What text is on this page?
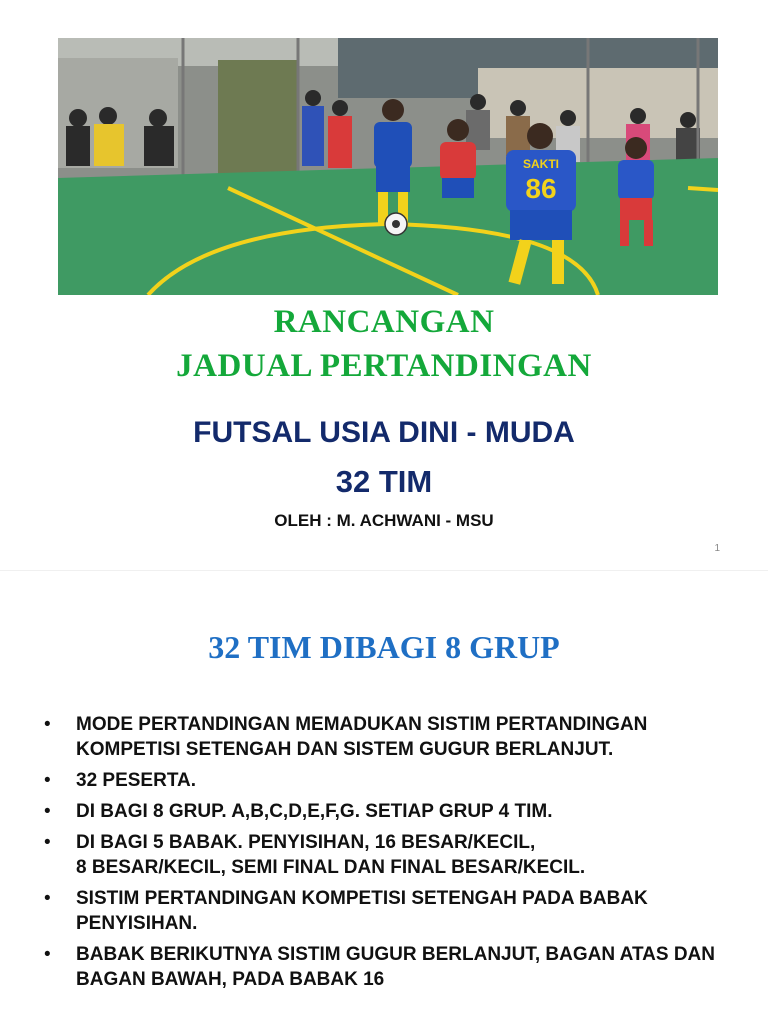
SAKTI
86
RANCANGAN
JADUAL PERTANDINGAN
FUTSAL USIA DINI - MUDA
32 TIM
OLEH : M. ACHWANI - MSU
1
32 TIM DIBAGI 8 GRUP
• MODE PERTANDINGAN MEMADUKAN SISTIM PERTANDINGAN KOMPETISI SETENGAH DAN SISTEM GUGUR BERLANJUT.
• 32 PESERTA.
• DI BAGI 8 GRUP. A,B,C,D,E,F,G. SETIAP GRUP 4 TIM.
• DI BAGI 5 BABAK. PENYISIHAN, 16 BESAR/KECIL,
8 BESAR/KECIL, SEMI FINAL DAN FINAL BESAR/KECIL.
• SISTIM PERTANDINGAN KOMPETISI SETENGAH PADA BABAK PENYISIHAN.
• BABAK BERIKUTNYA SISTIM GUGUR BERLANJUT, BAGAN ATAS DAN BAGAN BAWAH, PADA BABAK 16
